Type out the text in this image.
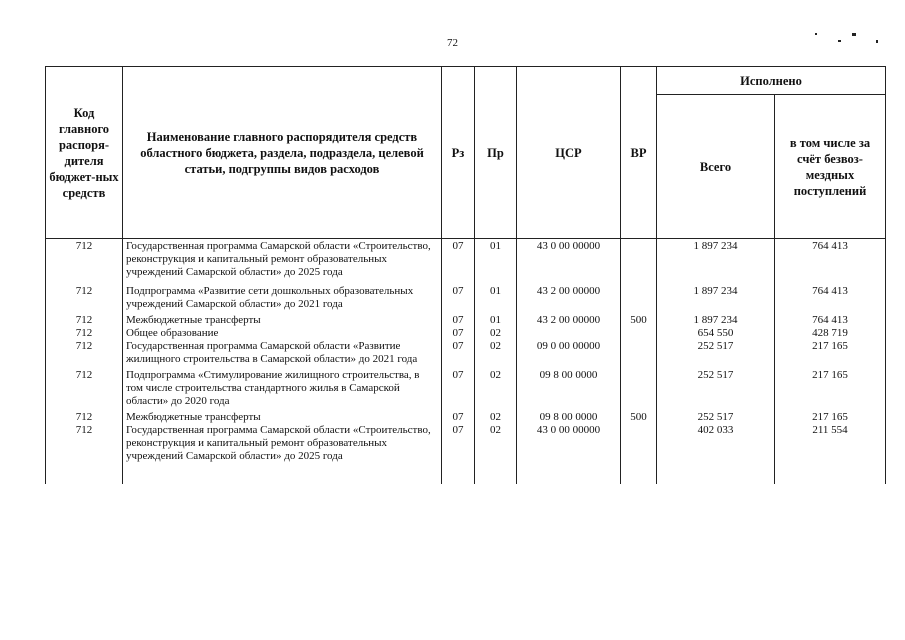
72
Код главного распоря-дителя бюджет-ных средств	Наименование главного распорядителя средств областного бюджета, раздела, подраздела, целевой статьи, подгруппы видов расходов	Рз	Пр	ЦСР	ВР	Исполнено	
						Всего	в том числе за счёт безвоз-мездных поступлений
712	Государственная программа Самарской области «Строительство, реконструкция и капитальный ремонт образовательных учреждений Самарской области» до 2025 года	07	01	43 0 00 00000		1 897 234	764 413
712	Подпрограмма «Развитие сети дошкольных образовательных учреждений Самарской области» до 2021 года	07	01	43 2 00 00000		1 897 234	764 413
712	Межбюджетные трансферты	07	01	43 2 00 00000	500	1 897 234	764 413
712	Общее образование	07	02			654 550	428 719
712	Государственная программа Самарской области «Развитие жилищного строительства в Самарской области» до 2021 года	07	02	09 0 00 00000		252 517	217 165
712	Подпрограмма «Стимулирование жилищного строительства, в том числе строительства стандартного жилья в Самарской области» до 2020 года	07	02	09 8 00 0000		252 517	217 165
712	Межбюджетные трансферты	07	02	09 8 00 0000	500	252 517	217 165
712	Государственная программа Самарской области «Строительство, реконструкция и капитальный ремонт образовательных учреждений Самарской области» до 2025 года	07	02	43 0 00 00000		402 033	211 554
